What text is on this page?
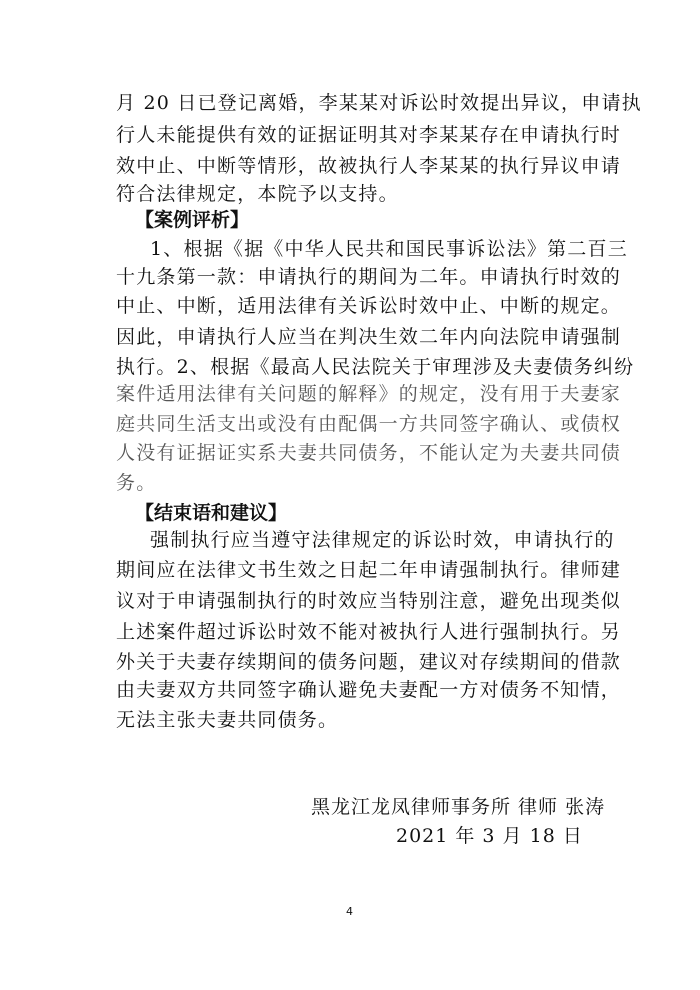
月 20 日已登记离婚，李某某对诉讼时效提出异议，申请执
行人未能提供有效的证据证明其对李某某存在申请执行时
效中止、中断等情形，故被执行人李某某的执行异议申请
符合法律规定，本院予以支持。
【案例评析】
1、根据《据《中华人民共和国民事诉讼法》第二百三
十九条第一款：申请执行的期间为二年。申请执行时效的
中止、中断，适用法律有关诉讼时效中止、中断的规定。
因此，申请执行人应当在判决生效二年内向法院申请强制
执行。2、根据《最高人民法院关于审理涉及夫妻债务纠纷
案件适用法律有关问题的解释》的规定，没有用于夫妻家
庭共同生活支出或没有由配偶一方共同签字确认、或债权
人没有证据证实系夫妻共同债务，不能认定为夫妻共同债
务。
【结束语和建议】
强制执行应当遵守法律规定的诉讼时效，申请执行的
期间应在法律文书生效之日起二年申请强制执行。律师建
议对于申请强制执行的时效应当特别注意，避免出现类似
上述案件超过诉讼时效不能对被执行人进行强制执行。另
外关于夫妻存续期间的债务问题，建议对存续期间的借款
由夫妻双方共同签字确认避免夫妻配一方对债务不知情，
无法主张夫妻共同债务。
黑龙江龙凤律师事务所 律师 张涛
2021 年 3 月 18 日
4
